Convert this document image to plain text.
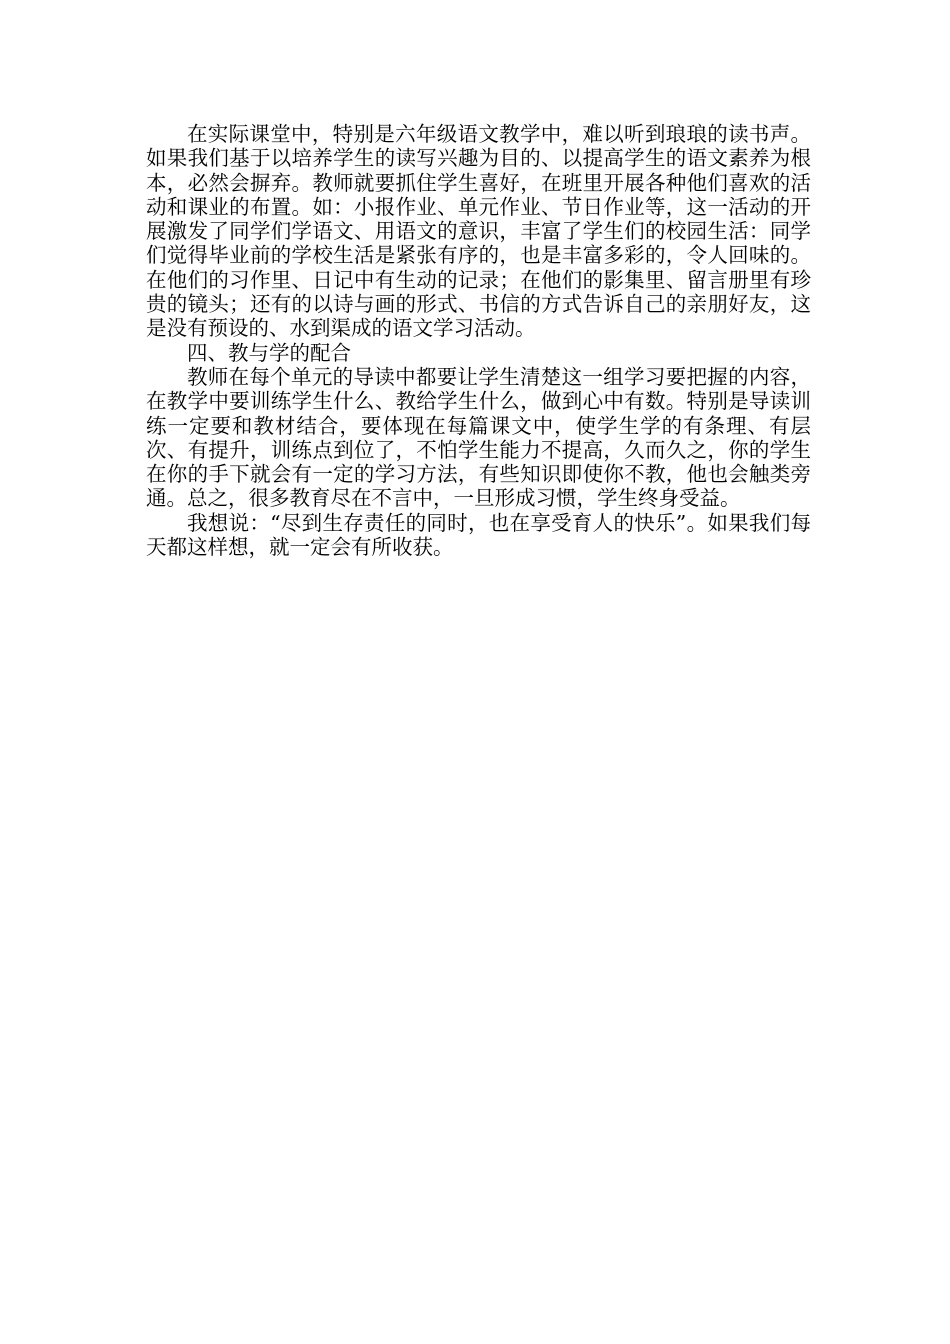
在实际课堂中，特别是六年级语文教学中，难以听到琅琅的读书声。如果我们基于以培养学生的读写兴趣为目的、以提高学生的语文素养为根本，必然会摒弃。教师就要抓住学生喜好，在班里开展各种他们喜欢的活动和课业的布置。如：小报作业、单元作业、节日作业等，这一活动的开展激发了同学们学语文、用语文的意识，丰富了学生们的校园生活：同学们觉得毕业前的学校生活是紧张有序的，也是丰富多彩的，令人回味的。在他们的习作里、日记中有生动的记录；在他们的影集里、留言册里有珍贵的镜头；还有的以诗与画的形式、书信的方式告诉自己的亲朋好友，这是没有预设的、水到渠成的语文学习活动。

四、教与学的配合

教师在每个单元的导读中都要让学生清楚这一组学习要把握的内容，在教学中要训练学生什么、教给学生什么，做到心中有数。特别是导读训练一定要和教材结合，要体现在每篇课文中，使学生学的有条理、有层次、有提升，训练点到位了，不怕学生能力不提高，久而久之，你的学生在你的手下就会有一定的学习方法，有些知识即使你不教，他也会触类旁通。总之，很多教育尽在不言中，一旦形成习惯，学生终身受益。

我想说：“尽到生存责任的同时，也在享受育人的快乐”。如果我们每天都这样想，就一定会有所收获。
